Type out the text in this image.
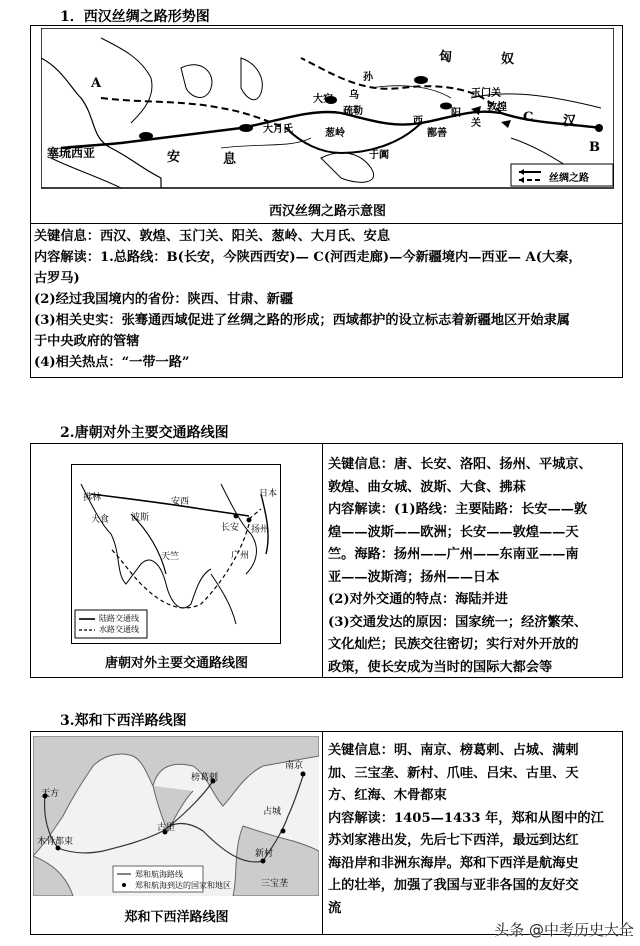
1．西汉丝绸之路形势图
匈	奴
孙
乌
大宛
疏勒
玉门关
敦煌
阳
关
西
鄯善
于阗
葱岭
大月氏
汉
安	息
塞琉西亚
A
B
C
丝绸之路
西汉丝绸之路示意图
关键信息：西汉、敦煌、玉门关、阳关、葱岭、大月氏、安息
内容解读：1.总路线：B(长安，今陕西西安)— C(河西走廊)—今新疆境内—西亚— A(大秦，
古罗马)
(2)经过我国境内的省份：陕西、甘肃、新疆
(3)相关史实：张骞通西域促进了丝绸之路的形成；西域都护的设立标志着新疆地区开始隶属
于中央政府的管辖
(4)相关热点：“一带一路”
2.唐朝对外主要交通路线图
拂林
大食 波斯
安西
天竺
长安 扬州
日本
广州
陆路交通线
水路交通线
唐朝对外主要交通路线图
关键信息：唐、长安、洛阳、扬州、平城京、
敦煌、曲女城、波斯、大食、拂菻
内容解读：(1)路线：主要陆路：长安——敦
煌——波斯——欧洲；长安——敦煌——天
竺。海路：扬州——广州——东南亚——南
亚——波斯湾；扬州——日本
(2)对外交通的特点：海陆并进
(3)交通发达的原因：国家统一；经济繁荣、
文化灿烂；民族交往密切；实行对外开放的
政策，使长安成为当时的国际大都会等
3.郑和下西洋路线图
南京
天方
古里
木骨都束
榜葛剌
占城
新村
三宝垄
郑和航海路线
郑和航海到达的国家和地区
郑和下西洋路线图
关键信息：明、南京、榜葛剌、占城、满剌
加、三宝垄、新村、爪哇、吕宋、古里、天
方、红海、木骨都束
内容解读：1405—1433 年，郑和从图中的江
苏刘家港出发，先后七下西洋，最远到达红
海沿岸和非洲东海岸。郑和下西洋是航海史
上的壮举，加强了我国与亚非各国的友好交
流
头条 @中考历史大全
